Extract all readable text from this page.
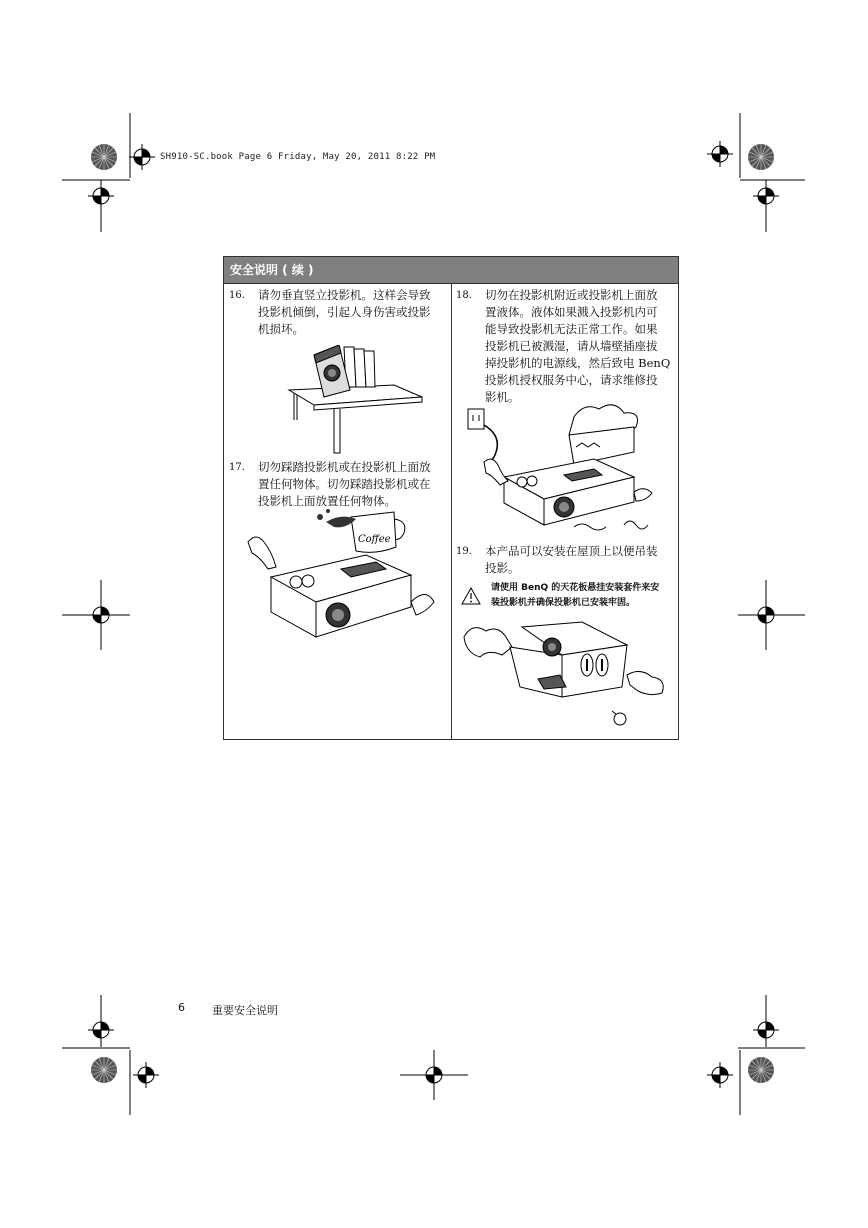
SH910-SC.book Page 6 Friday, May 20, 2011 8:22 PM
安全说明 ( 续 )
16. 请勿垂直竖立投影机。这样会导致
投影机倾倒，引起人身伤害或投影
机损坏。
17. 切勿踩踏投影机或在投影机上面放
置任何物体。切勿踩踏投影机或在
投影机上面放置任何物体。
Coffee
18. 切勿在投影机附近或投影机上面放
置液体。液体如果溅入投影机内可
能导致投影机无法正常工作。如果
投影机已被溅湿，请从墙壁插座拔
掉投影机的电源线，然后致电 BenQ
投影机授权服务中心，请求维修投
影机。
19. 本产品可以安装在屋顶上以便吊装
投影。
请使用 BenQ 的天花板悬挂安装套件来安
装投影机并确保投影机已安装牢固。
6 重要安全说明
